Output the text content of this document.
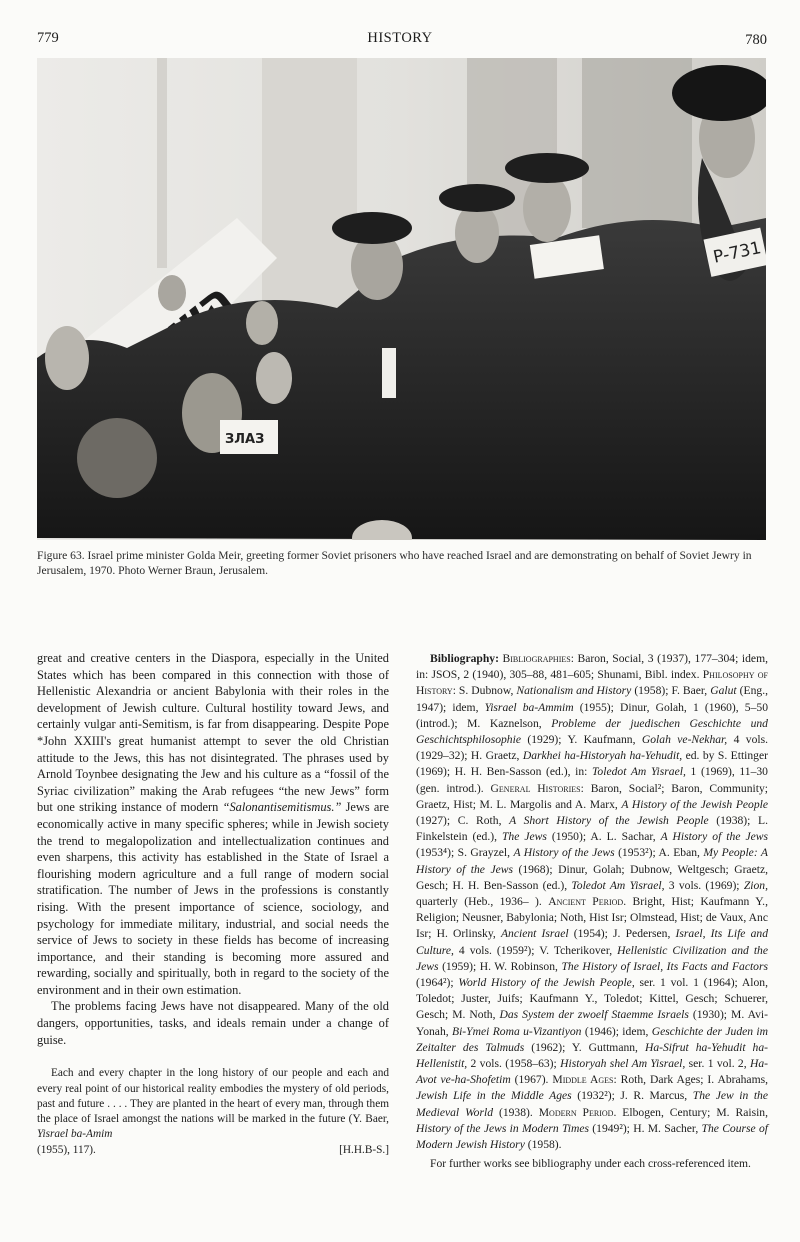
779	HISTORY	780
P-731
ЗЛАЗ
Figure 63. Israel prime minister Golda Meir, greeting former Soviet prisoners who have reached Israel and are demonstrating on behalf of Soviet Jewry in Jerusalem, 1970. Photo Werner Braun, Jerusalem.

great and creative centers in the Diaspora, especially in the United States which has been compared in this connection with those of Hellenistic Alexandria or ancient Babylonia with their roles in the development of Jewish culture. Cultural hostility toward Jews, and certainly vulgar anti-Semitism, is far from disappearing. Despite Pope *John XXIII's great humanist attempt to sever the old Christian attitude to the Jews, this has not disintegrated. The phrases used by Arnold Toynbee designating the Jew and his culture as a “fossil of the Syriac civilization” making the Arab refugees “the new Jews” form but one striking instance of modern “Salonantisemitismus.” Jews are economically active in many specific spheres; while in Jewish society the trend to megalopolization and intellectualization continues and even sharpens, this activity has established in the State of Israel a flourishing modern agriculture and a full range of modern social stratification. The number of Jews in the professions is constantly rising. With the present importance of science, sociology, and psychology for immediate military, industrial, and social needs the service of Jews to society in these fields has become of increasing importance, and their standing is becoming more assured and rewarding, socially and spiritually, both in regard to the society of the environment and in their own estimation.

The problems facing Jews have not disappeared. Many of the old dangers, opportunities, tasks, and ideals remain under a change of guise.

Each and every chapter in the long history of our people and each and every real point of our historical reality embodies the mystery of old periods, past and future . . . . They are planted in the heart of every man, through them the place of Israel amongst the nations will be marked in the future (Y. Baer, Yisrael ba-Amim

(1955), 117).	[H.H.B-S.]

Bibliography: Bibliographies: Baron, Social, 3 (1937), 177–304; idem, in: JSOS, 2 (1940), 305–88, 481–605; Shunami, Bibl. index. Philosophy of History: S. Dubnow, Nationalism and History (1958); F. Baer, Galut (Eng., 1947); idem, Yisrael ba-Ammim (1955); Dinur, Golah, 1 (1960), 5–50 (introd.); M. Kaznelson, Probleme der juedischen Geschichte und Geschichtsphilosophie (1929); Y. Kaufmann, Golah ve-Nekhar, 4 vols. (1929–32); H. Graetz, Darkhei ha-Historyah ha-Yehudit, ed. by S. Ettinger (1969); H. H. Ben-Sasson (ed.), in: Toledot Am Yisrael, 1 (1969), 11–30 (gen. introd.). General Histories: Baron, Social²; Baron, Community; Graetz, Hist; M. L. Margolis and A. Marx, A History of the Jewish People (1927); C. Roth, A Short History of the Jewish People (1938); L. Finkelstein (ed.), The Jews (1950); A. L. Sachar, A History of the Jews (1953⁴); S. Grayzel, A History of the Jews (1953²); A. Eban, My People: A History of the Jews (1968); Dinur, Golah; Dubnow, Weltgesch; Graetz, Gesch; H. H. Ben-Sasson (ed.), Toledot Am Yisrael, 3 vols. (1969); Zion, quarterly (Heb., 1936– ). Ancient Period. Bright, Hist; Kaufmann Y., Religion; Neusner, Babylonia; Noth, Hist Isr; Olmstead, Hist; de Vaux, Anc Isr; H. Orlinsky, Ancient Israel (1954); J. Pedersen, Israel, Its Life and Culture, 4 vols. (1959²); V. Tcherikover, Hellenistic Civilization and the Jews (1959); H. W. Robinson, The History of Israel, Its Facts and Factors (1964²); World History of the Jewish People, ser. 1 vol. 1 (1964); Alon, Toledot; Juster, Juifs; Kaufmann Y., Toledot; Kittel, Gesch; Schuerer, Gesch; M. Noth, Das System der zwoelf Staemme Israels (1930); M. Avi-Yonah, Bi-Ymei Roma u-Vizantiyon (1946); idem, Geschichte der Juden im Zeitalter des Talmuds (1962); Y. Guttmann, Ha-Sifrut ha-Yehudit ha-Hellenistit, 2 vols. (1958–63); Historyah shel Am Yisrael, ser. 1 vol. 2, Ha-Avot ve-ha-Shofetim (1967). Middle Ages: Roth, Dark Ages; I. Abrahams, Jewish Life in the Middle Ages (1932²); J. R. Marcus, The Jew in the Medieval World (1938). Modern Period. Elbogen, Century; M. Raisin, History of the Jews in Modern Times (1949²); H. M. Sacher, The Course of Modern Jewish History (1958).

For further works see bibliography under each cross-referenced item.
